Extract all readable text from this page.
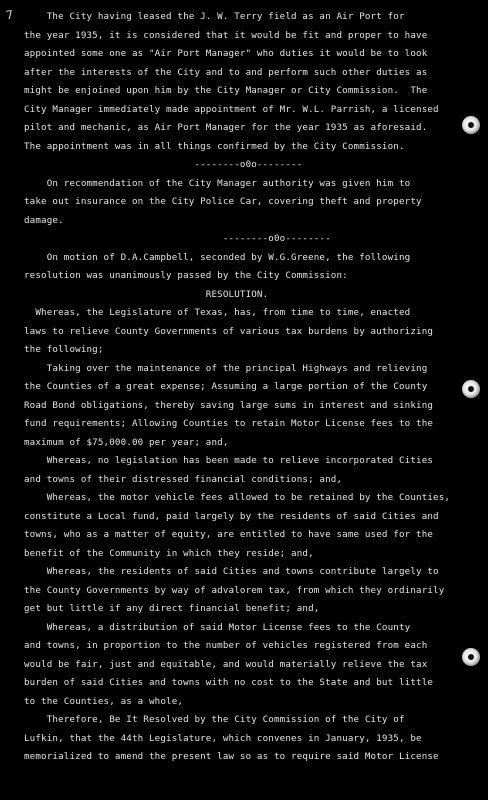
7 The City having leased the J. W. Terry field as an Air Port for
the year 1935, it is considered that it would be fit and proper to have
appointed some one as "Air Port Manager" who duties it would be to look
after the interests of the City and to and perform such other duties as
might be enjoined upon him by the City Manager or City Commission.  The
City Manager immediately made appointment of Mr. W.L. Parrish, a licensed
pilot and mechanic, as Air Port Manager for the year 1935 as aforesaid.
The appointment was in all things confirmed by the City Commission.
--------o0o--------
On recommendation of the City Manager authority was given him to
take out insurance on the City Police Car, covering theft and property
damage.
--------o0o--------
On motion of D.A.Campbell, seconded by W.G.Greene, the following
resolution was unanimously passed by the City Commission:
RESOLUTION.
Whereas, the Legislature of Texas, has, from time to time, enacted
laws to relieve County Governments of various tax burdens by authorizing
the following;
Taking over the maintenance of the principal Highways and relieving
the Counties of a great expense; Assuming a large portion of the County
Road Bond obligations, thereby saving large sums in interest and sinking
fund requirements; Allowing Counties to retain Motor License fees to the
maximum of $75,000.00 per year; and,
Whereas, no legislation has been made to relieve incorporated Cities
and towns of their distressed financial conditions; and,
Whereas, the motor vehicle fees allowed to be retained by the Counties,
constitute a Local fund, paid largely by the residents of said Cities and
towns, who as a matter of equity, are entitled to have same used for the
benefit of the Community in which they reside; and,
Whereas, the residents of said Cities and towns contribute largely to
the County Governments by way of advalorem tax, from which they ordinarily
get but little if any direct financial benefit; and,
Whereas, a distribution of said Motor License fees to the County
and towns, in proportion to the number of vehicles registered from each
would be fair, just and equitable, and would materially relieve the tax
burden of said Cities and towns with no cost to the State and but little
to the Counties, as a whole,
Therefore, Be It Resolved by the City Commission of the City of
Lufkin, that the 44th Legislature, which convenes in January, 1935, be
memorialized to amend the present law so as to require said Motor License
